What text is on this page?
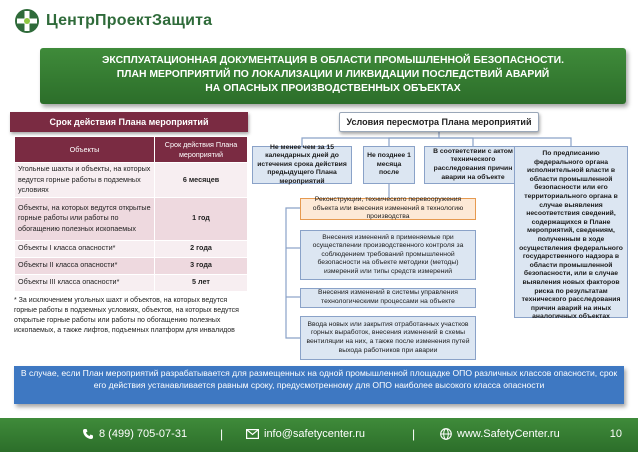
ЦентрПроектЗащита
ЭКСПЛУАТАЦИОННАЯ ДОКУМЕНТАЦИЯ В ОБЛАСТИ ПРОМЫШЛЕННОЙ БЕЗОПАСНОСТИ.
ПЛАН МЕРОПРИЯТИЙ ПО ЛОКАЛИЗАЦИИ И ЛИКВИДАЦИИ ПОСЛЕДСТВИЙ АВАРИЙ
НА ОПАСНЫХ ПРОИЗВОДСТВЕННЫХ ОБЪЕКТАХ
Срок действия Плана мероприятий
Объекты	Срок действия Плана мероприятий
Угольные шахты и объекты, на которых ведутся горные работы в подземных условиях	6 месяцев
Объекты, на которых ведутся открытые горные работы или работы по обогащению полезных ископаемых	1 год
Объекты I класса опасности*	2 года
Объекты II класса опасности*	3 года
Объекты III класса опасности*	5 лет
* За исключением угольных шахт и объектов, на которых ведутся горные работы в подземных условиях, объектов, на которых ведутся открытые горные работы или работы по обогащению полезных ископаемых, а также лифтов, подъемных платформ для инвалидов
Условия пересмотра Плана мероприятий
Не менее чем за 15 календарных дней до истечения срока действия предыдущего Плана мероприятий
Не позднее 1 месяца после
В соответствии с актом технического расследования причин аварии на объекте
По предписанию федерального органа исполнительной власти в области промышленной безопасности или его территориального органа в случае выявления несоответствия сведений, содержащихся в Плане мероприятий, сведениям, полученным в ходе осуществления федерального государственного надзора в области промышленной безопасности, или в случае выявления новых факторов риска по результатам технического расследования причин аварий на иных аналогичных объектах
Реконструкции, технического перевооружения объекта или внесения изменений в технологию производства
Внесения изменений в применяемые при осуществлении производственного контроля за соблюдением требований промышленной безопасности на объекте методики (методы) измерений или типы средств измерений
Внесения изменений в системы управления технологическими процессами на объекте
Ввода новых или закрытия отработанных участков горных выработок, внесения изменений в схемы вентиляции на них, а также после изменения путей выхода работников при аварии
В случае, если План мероприятий разрабатывается для размещенных на одной промышленной площадке ОПО различных классов опасности, срок его действия устанавливается равным сроку, предусмотренному для ОПО наиболее высокого класса опасности
8 (499) 705-07-31	|	info@safetycenter.ru	|	www.SafetyCenter.ru	10
